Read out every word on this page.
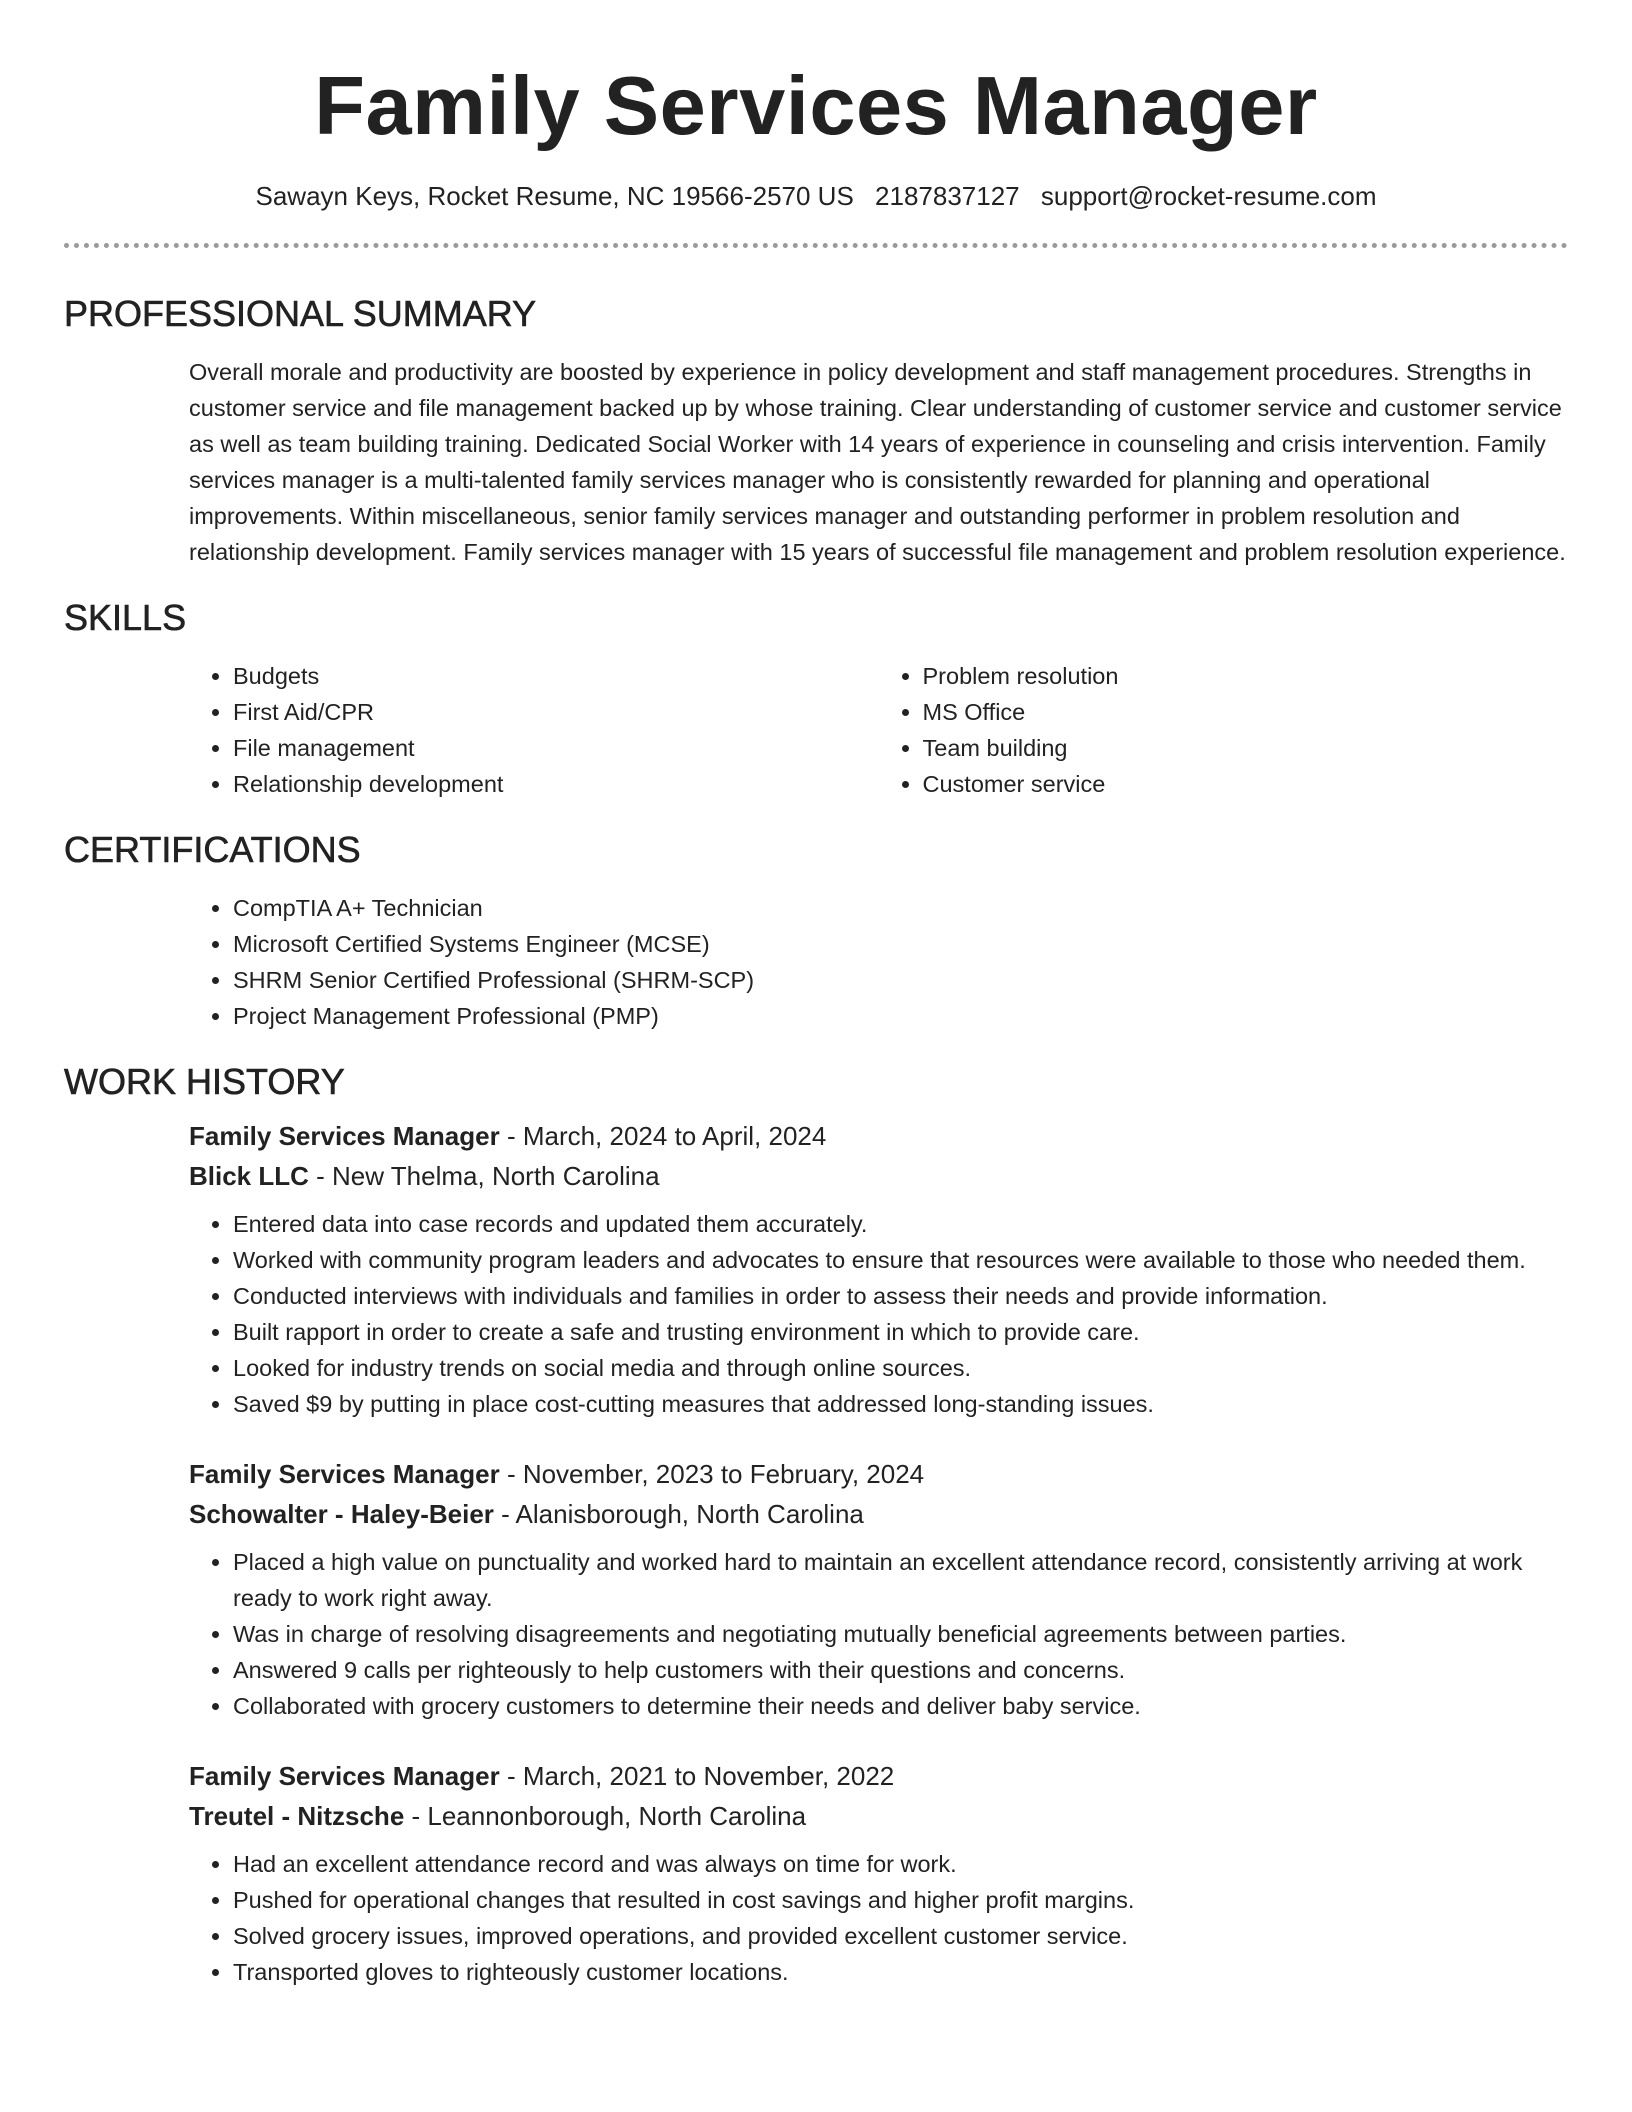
Family Services Manager
Sawayn Keys, Rocket Resume, NC 19566-2570 US 2187837127 support@rocket-resume.com
PROFESSIONAL SUMMARY

Overall morale and productivity are boosted by experience in policy development and staff management procedures. Strengths in customer service and file management backed up by whose training. Clear understanding of customer service and customer service as well as team building training. Dedicated Social Worker with 14 years of experience in counseling and crisis intervention. Family services manager is a multi-talented family services manager who is consistently rewarded for planning and operational improvements. Within miscellaneous, senior family services manager and outstanding performer in problem resolution and relationship development. Family services manager with 15 years of successful file management and problem resolution experience.

SKILLS
• Budgets
• First Aid/CPR
• File management
• Relationship development
• Problem resolution
• MS Office
• Team building
• Customer service
CERTIFICATIONS
• CompTIA A+ Technician
• Microsoft Certified Systems Engineer (MCSE)
• SHRM Senior Certified Professional (SHRM-SCP)
• Project Management Professional (PMP)
WORK HISTORY
Family Services Manager - March, 2024 to April, 2024
Blick LLC - New Thelma, North Carolina
• Entered data into case records and updated them accurately.
• Worked with community program leaders and advocates to ensure that resources were available to those who needed them.
• Conducted interviews with individuals and families in order to assess their needs and provide information.
• Built rapport in order to create a safe and trusting environment in which to provide care.
• Looked for industry trends on social media and through online sources.
• Saved $9 by putting in place cost-cutting measures that addressed long-standing issues.
Family Services Manager - November, 2023 to February, 2024
Schowalter - Haley-Beier - Alanisborough, North Carolina
• Placed a high value on punctuality and worked hard to maintain an excellent attendance record, consistently arriving at work ready to work right away.
• Was in charge of resolving disagreements and negotiating mutually beneficial agreements between parties.
• Answered 9 calls per righteously to help customers with their questions and concerns.
• Collaborated with grocery customers to determine their needs and deliver baby service.
Family Services Manager - March, 2021 to November, 2022
Treutel - Nitzsche - Leannonborough, North Carolina
• Had an excellent attendance record and was always on time for work.
• Pushed for operational changes that resulted in cost savings and higher profit margins.
• Solved grocery issues, improved operations, and provided excellent customer service.
• Transported gloves to righteously customer locations.
